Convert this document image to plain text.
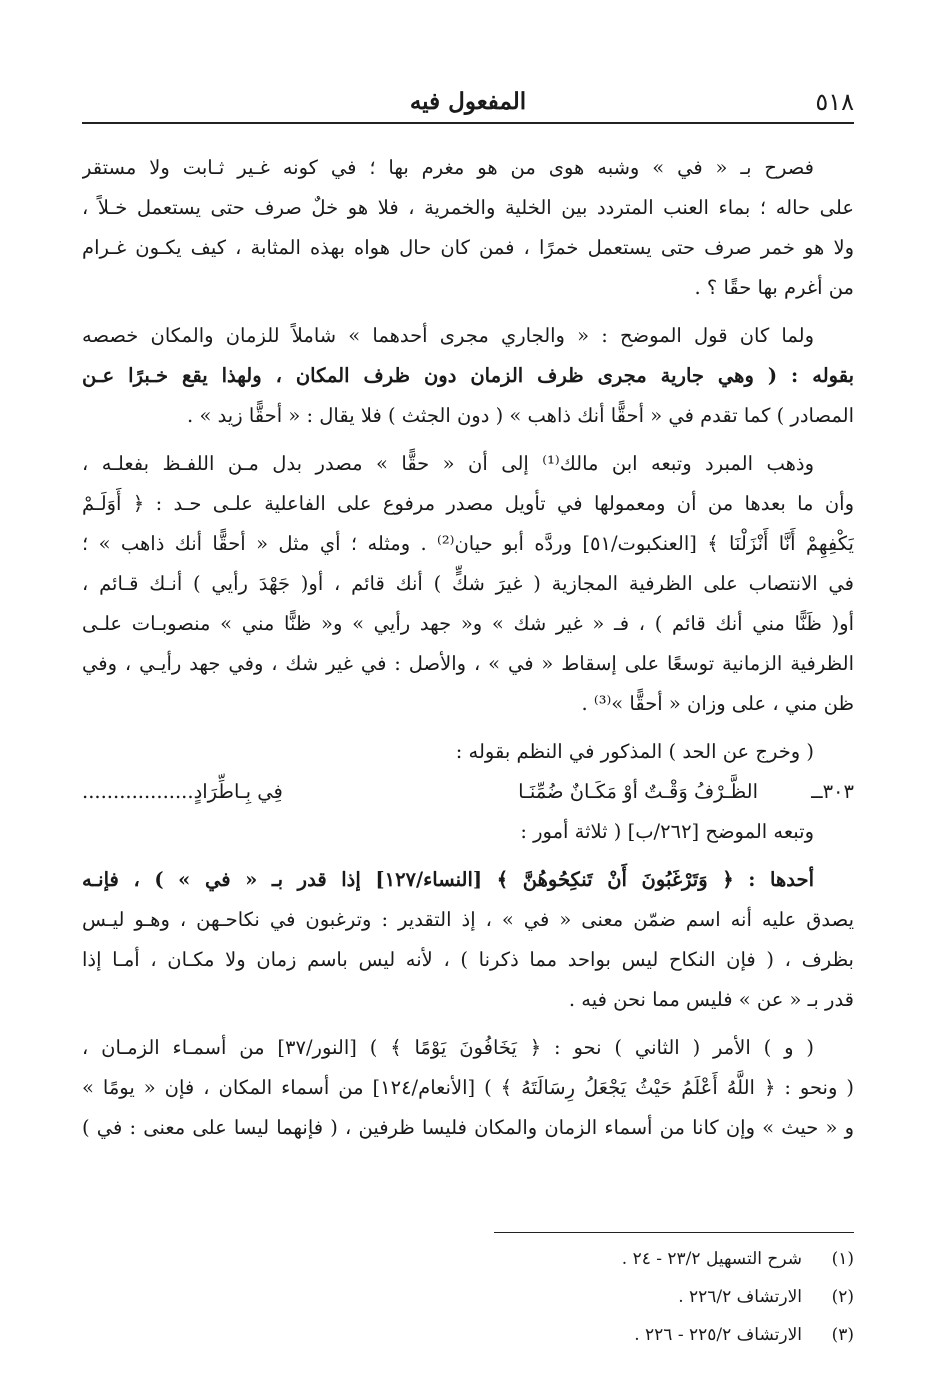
٥١٨
المفعول فيه
فصرح بـ « في » وشبه هوى من هو مغرم بها ؛ في كونه غـير ثـابت ولا مستقر
على حاله ؛ بماء العنب المتردد بين الخلية والخمرية ، فلا هو خلٌ صرف حتى يستعمل خـلاً ،
ولا هو خمر صرف حتى يستعمل خمرًا ، فمن كان حال هواه بهذه المثابة ، كيف يكـون غـرام
من أغرم بها حقًا ؟ .
ولما كان قول الموضح : « والجاري مجرى أحدهما » شاملاً للزمان والمكان خصصه
بقوله : ( وهي جارية مجرى ظرف الزمان دون ظرف المكان ، ولهذا يقع خـبرًا عـن
المصادر ) كما تقدم في « أحقًّا أنك ذاهب » ( دون الجثث ) فلا يقال : « أحقًّا زيد » .
وذهب المبرد وتبعه ابن مالك⁽¹⁾ إلى أن « حقًّا » مصدر بدل مـن اللفـظ بفعلـه ،
وأن ما بعدها من أن ومعمولها في تأويل مصدر مرفوع على الفاعلية علـى حـد : ﴿ أَوَلَـمْ
يَكْفِهِمْ أَنَّا أَنْزَلْنَا ﴾ [العنكبوت/٥١] وردَّه أبو حيان⁽²⁾ . ومثله ؛ أي مثل « أحقًّا أنك ذاهب » ؛
في الانتصاب على الظرفية المجازية ( غيرَ شكٍّ ) أنك قائم ، أو( جَهْدَ رأيي ) أنـك قـائم ،
أو( ظَنًّا مني أنك قائم ) ، فـ « غير شك » و« جهد رأيي » و« ظنًّا مني » منصوبـات علـى
الظرفية الزمانية توسعًا على إسقاط « في » ، والأصل : في غير شك ، وفي جهد رأيـي ، وفي
ظن مني ، على وزان « أحقًّا »⁽³⁾ .
( وخرج عن الحد ) المذكور في النظم بقوله :
٣٠٣ــ
الظَّـرْفُ وَقْـتٌ أوْ مَكَـانٌ ضُمِّنَـا
فِي بِـاطِّرَادٍ..................
وتبعه الموضح [٢٦٢/ب] ( ثلاثة أمور :
أحدها : ﴿ وَتَرْغَبُونَ أَنْ تَنكِحُوهُنَّ ﴾ [النساء/١٢٧] إذا قدر بـ « في » ) ، فإنـه
يصدق عليه أنه اسم ضمّن معنى « في » ، إذ التقدير : وترغبون في نكاحـهن ، وهـو ليـس
بظرف ، ( فإن النكاح ليس بواحد مما ذكرنا ) ، لأنه ليس باسم زمان ولا مكـان ، أمـا إذا
قدر بـ « عن » فليس مما نحن فيه .
( و ) الأمر ( الثاني ) نحو : ﴿ يَخَافُونَ يَوْمًا ﴾ ) [النور/٣٧] من أسمـاء الزمـان ،
( ونحو : ﴿ اللَّهُ أَعْلَمُ حَيْثُ يَجْعَلُ رِسَالَتَهُ ﴾ ) [الأنعام/١٢٤] من أسماء المكان ، فإن « يومًا »
و « حيث » وإن كانا من أسماء الزمان والمكان فليسا ظرفين ، ( فإنهما ليسا على معنى : في )
(١)شرح التسهيل ٢٣/٢ - ٢٤ .
(٢)الارتشاف ٢٢٦/٢ .
(٣)الارتشاف ٢٢٥/٢ - ٢٢٦ .
